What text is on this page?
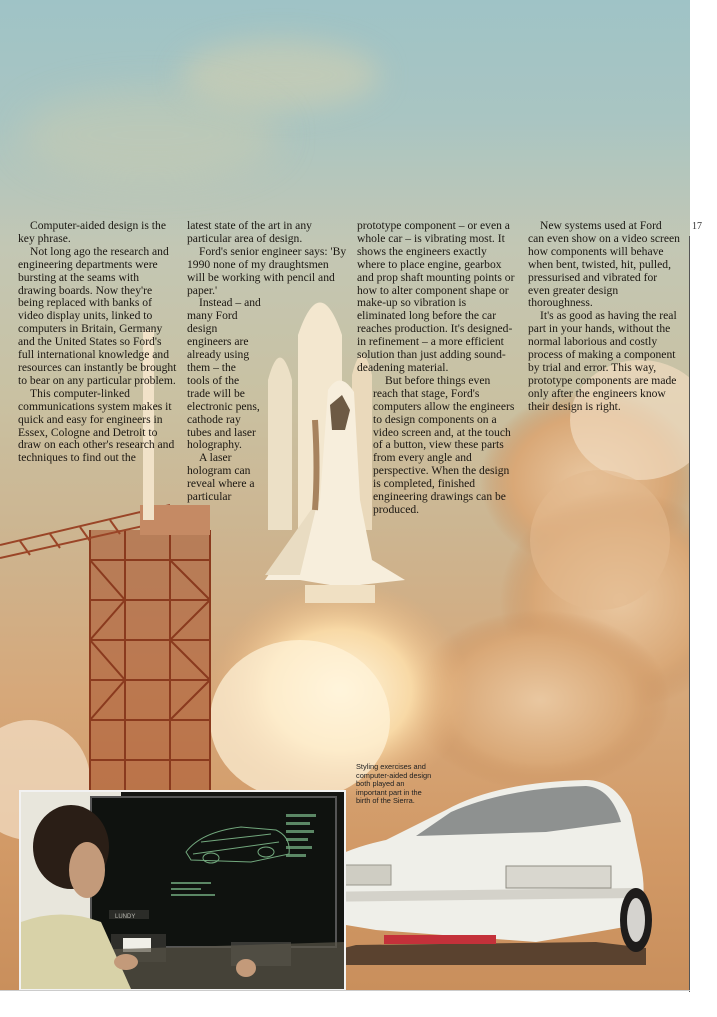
Computer-aided design is the key phrase.

Not long ago the research and engineering departments were bursting at the seams with drawing boards. Now they're being replaced with banks of video display units, linked to computers in Britain, Germany and the United States so Ford's full international knowledge and resources can instantly be brought to bear on any particular problem.

This computer-linked communications system makes it quick and easy for engineers in Essex, Cologne and Detroit to draw on each other's research and techniques to find out the

latest state of the art in any particular area of design.

Ford's senior engineer says: 'By 1990 none of my draughtsmen will be working with pencil and paper.'

Instead – and many Ford design engineers are already using them – the tools of the trade will be electronic pens, cathode ray tubes and laser holography.

A laser hologram can reveal where a particular

prototype component – or even a whole car – is vibrating most. It shows the engineers exactly where to place engine, gearbox and prop shaft mounting points or how to alter component shape or make-up so vibration is eliminated long before the car reaches production. It's designed-in refinement – a more efficient solution than just adding sound-deadening material.

But before things even reach that stage, Ford's computers allow the engineers to design components on a video screen and, at the touch of a button, view these parts from every angle and perspective. When the design is completed, finished engineering drawings can be produced.

New systems used at Ford can even show on a video screen how components will behave when bent, twisted, hit, pulled, pressurised and vibrated for even greater design thoroughness.

It's as good as having the real part in your hands, without the normal laborious and costly process of making a component by trial and error. This way, prototype components are made only after the engineers know their design is right.

Styling exercises and computer-aided design both played an important part in the birth of the Sierra.
LUNDY
17
